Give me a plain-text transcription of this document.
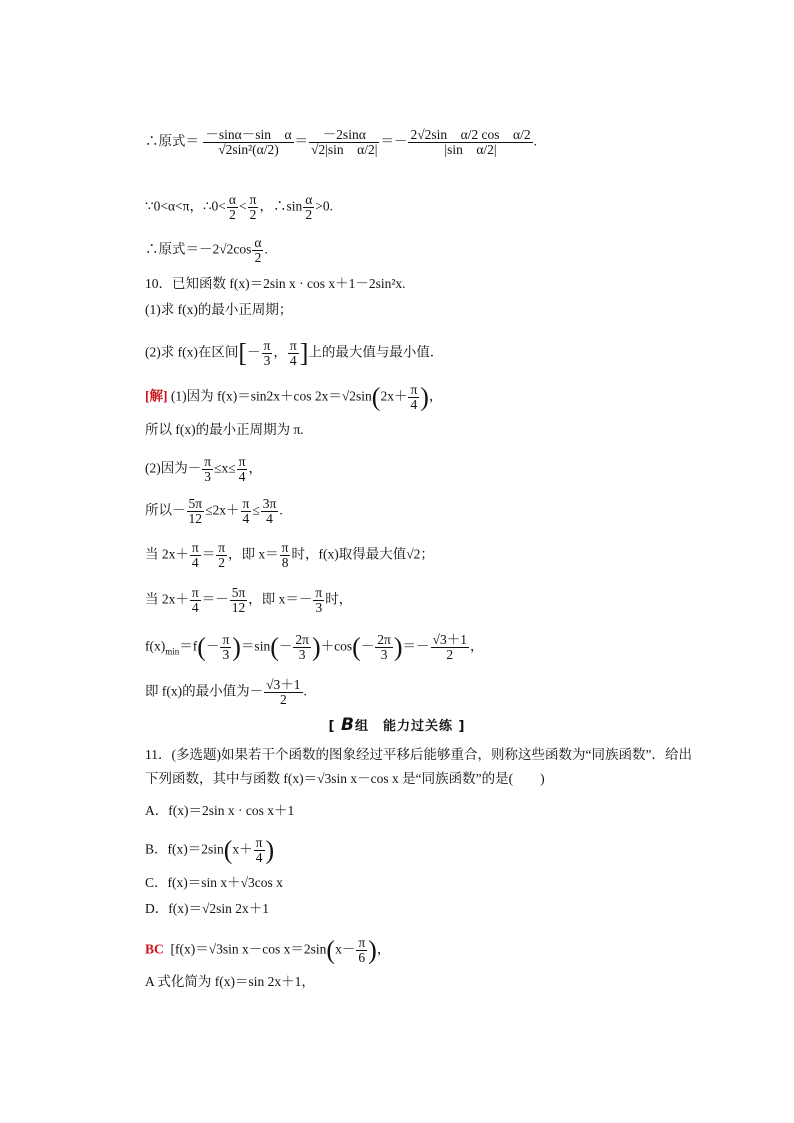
∴原式＝ $\frac{\text{－sinα－sin　α}}{\text{√2sin²(α/2)}} = \frac{-2\sin\alpha}{\text{√2|sin　α/2|}} =- \frac{\text{2√2sin　α/2 cos　α/2}}{\text{|sin　α/2|}}$ .
∵0<α<π，∴0< $\frac{\alpha}{2} < \frac{\pi}{2}$ ，∴sin $\frac{\alpha}{2} >0$.
∴原式$=-2√2\cos \frac{\alpha}{2}$ .
10．已知函数 f(x)＝2sin x · cos x＋1－2sin²x.
(1)求 f(x)的最小正周期；
(2)求 f(x)在区间[－ $\frac{\pi}{3}$ ， $\frac{\pi}{4}$ ]上的最大值与最小值．
[解] (1)因为 f(x)＝sin2x＋cos $2x=√2\sin(2x+ \frac{\pi}{4}$ )，
所以 f(x)的最小正周期为 π.
(2)因为－ $\frac{\pi}{3} \le x\le \frac{\pi}{4}$ ，
所以－ $\frac{5\pi}{12} \le 2x+ \frac{\pi}{4} \le \frac{3\pi}{4}$ .
当 $2x+ \frac{\pi}{4} = \frac{\pi}{2}$ ，即 $x= \frac{\pi}{8}$ 时，f(x)取得最大值√2；
当 $2x+ \frac{\pi}{4} =- \frac{5\pi}{12}$ ，即 $x=- \frac{\pi}{3}$ 时，
$f(x)_{min}=f(- \frac{\pi}{3} )=\sin(- \frac{2\pi}{3} )+\cos(- \frac{2\pi}{3}$ )＝－ $\frac{√3+1}{2}$ ，
即 f(x)的最小值为－ $\frac{√3+1}{2}$ .
[ B组　能力过关练 ]
11．(多选题)如果若干个函数的图象经过平移后能够重合，则称这些函数为“同族函数”．给出下列函数，其中与函数 f(x)＝√3sin x－cos x 是“同族函数”的是(　　)
A．f(x)＝2sin x · cos x＋1
B．$f(x)=2\sin(x+ \frac{\pi}{4}$ )
C．f(x)＝sin x＋√3cos x
D．f(x)＝√2sin 2x＋1
BC [f(x)＝√3sin x－cos $x=2\sin(x- \frac{\pi}{6}$ )，
A 式化简为 f(x)＝sin 2x＋1，
